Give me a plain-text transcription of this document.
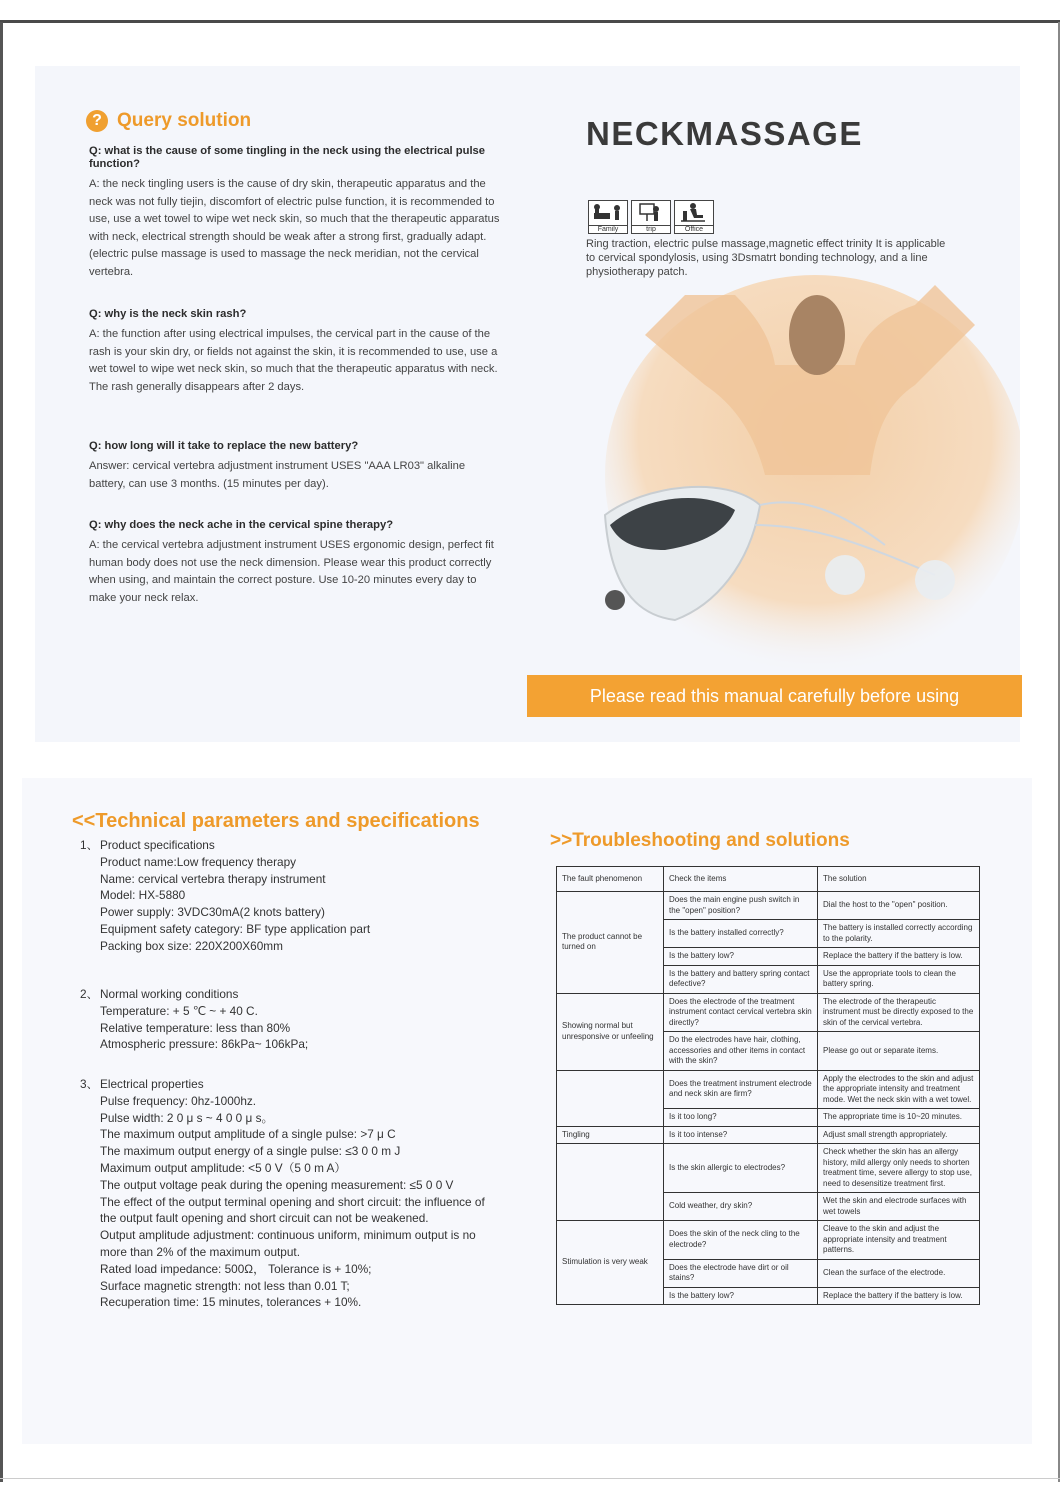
? Query solution
Q: what is the cause of some tingling in the neck using the electrical pulse function?
A: the neck tingling users is the cause of dry skin, therapeutic apparatus and the neck was not fully tiejin, discomfort of electric pulse function, it is recommended to use, use a wet towel to wipe wet neck skin, so much that the therapeutic apparatus with neck, electrical strength should be weak after a strong first, gradually adapt. (electric pulse massage is used to massage the neck meridian, not the cervical vertebra.
Q: why is the neck skin rash?
A: the function after using electrical impulses, the cervical part in the cause of the rash is your skin dry, or fields not against the skin, it is recommended to use, use a wet towel to wipe wet neck skin, so much that the therapeutic apparatus with neck. The rash generally disappears after 2 days.
Q: how long will it take to replace the new battery?
Answer: cervical vertebra adjustment instrument USES "AAA LR03" alkaline battery, can use 3 months. (15 minutes per day).
Q: why does the neck ache in the cervical spine therapy?
A: the cervical vertebra adjustment instrument USES ergonomic design, perfect fit human body does not use the neck dimension. Please wear this product correctly when using, and maintain the correct posture. Use 10-20 minutes every day to make your neck relax.
NECKMASSAGE
Family	trip	Office
Ring traction, electric pulse massage,magnetic effect trinity It is applicable to cervical spondylosis, using 3Dsmatrt bonding technology, and a line physiotherapy patch.
Please read this manual carefully before using
<<Technical parameters and specifications
1、 Product specifications
Product name:Low frequency therapy
Name: cervical vertebra therapy instrument
Model: HX-5880
Power supply: 3VDC30mA(2 knots battery)
Equipment safety category: BF type application part
Packing box size: 220X200X60mm
2、 Normal working conditions
Temperature: + 5 ℃ ~ + 40 C.
Relative temperature: less than 80%
Atmospheric pressure: 86kPa~ 106kPa;
3、 Electrical properties
Pulse frequency: 0hz-1000hz.
Pulse width: 2 0 μ s ~ 4 0 0 μ s。
The maximum output amplitude of a single pulse: >7 μ C
The maximum output energy of a single pulse: ≤3 0 0 m J
Maximum output amplitude: <5 0 V（5 0 m A）
The output voltage peak during the opening measurement: ≤5 0 0 V
The effect of the output terminal opening and short circuit: the influence of the output fault opening and short circuit can not be weakened.
Output amplitude adjustment: continuous uniform, minimum output is no more than 2% of the maximum output.
Rated load impedance: 500Ω， Tolerance is + 10%;
Surface magnetic strength: not less than 0.01 T;
Recuperation time: 15 minutes, tolerances + 10%.
>>Troubleshooting and solutions
The fault phenomenon	Check the items	The solution
The product cannot be turned on	Does the main engine push switch in the "open" position?	Dial the host to the "open" position.
	Is the battery installed correctly?	The battery is installed correctly according to the polarity.
	Is the battery low?	Replace the battery if the battery is low.
	Is the battery and battery spring contact defective?	Use the appropriate tools to clean the battery spring.
Showing normal but unresponsive or unfeeling	Does the electrode of the treatment instrument contact cervical vertebra skin directly?	The electrode of the therapeutic instrument must be directly exposed to the skin of the cervical vertebra.
	Do the electrodes have hair, clothing, accessories and other items in contact with the skin?	Please go out or separate items.
	Does the treatment instrument electrode and neck skin are firm?	Apply the electrodes to the skin and adjust the appropriate intensity and treatment mode. Wet the neck skin with a wet towel.
	Is it too long?	The appropriate time is 10~20 minutes.
Tingling	Is it too intense?	Adjust small strength appropriately.
	Is the skin allergic to electrodes?	Check whether the skin has an allergy history, mild allergy only needs to shorten treatment time, severe allergy to stop use, need to desensitize treatment first.
	Cold weather, dry skin?	Wet the skin and electrode surfaces with wet towels
Stimulation is very weak	Does the skin of the neck cling to the electrode?	Cleave to the skin and adjust the appropriate intensity and treatment patterns.
	Does the electrode have dirt or oil stains?	Clean the surface of the electrode.
	Is the battery low?	Replace the battery if the battery is low.
